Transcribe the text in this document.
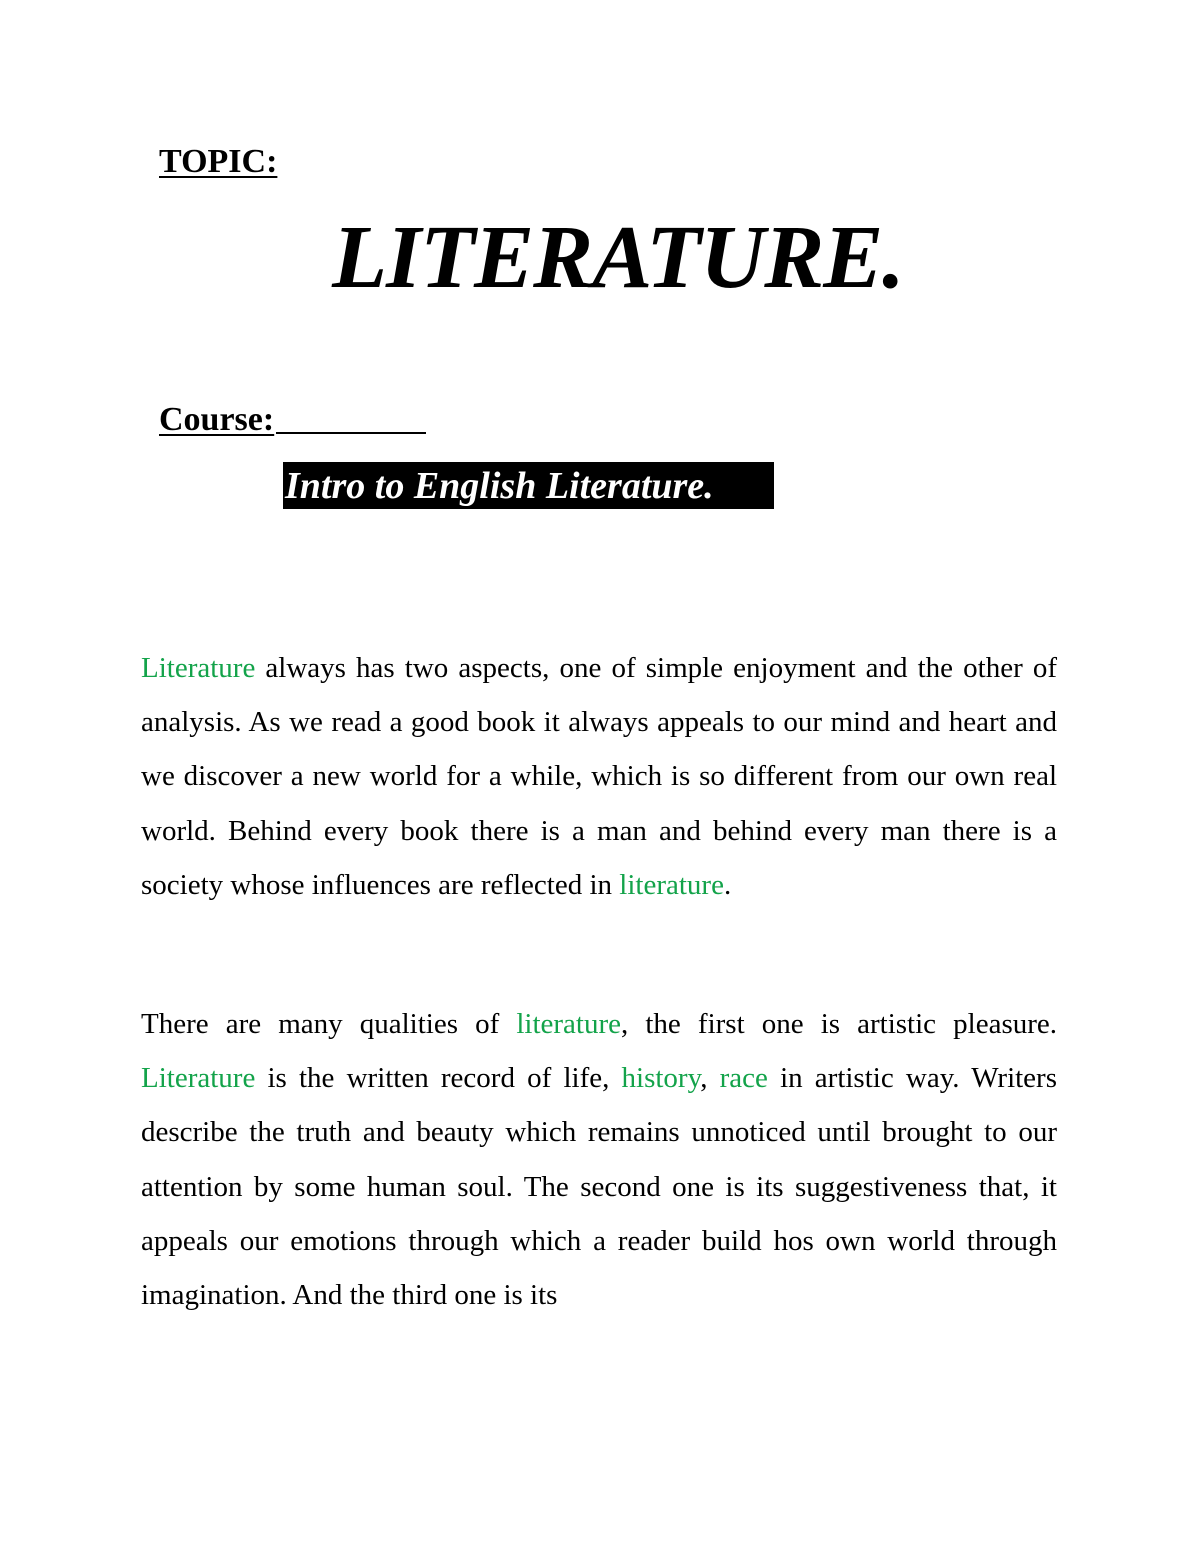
TOPIC:

LITERATURE.

Course:

Intro to English Literature.

Literature always has two aspects, one of simple enjoyment and the other of analysis. As we read a good book it always appeals to our mind and heart and we discover a new world for a while, which is so different from our own real world. Behind every book there is a man and behind every man there is a society whose influences are reflected in literature.

There are many qualities of literature, the first one is artistic pleasure. Literature is the written record of life, history, race in artistic way. Writers describe the truth and beauty which remains unnoticed until brought to our attention by some human soul. The second one is its suggestiveness that, it appeals our emotions through which a reader build hos own world through imagination. And the third one is its
